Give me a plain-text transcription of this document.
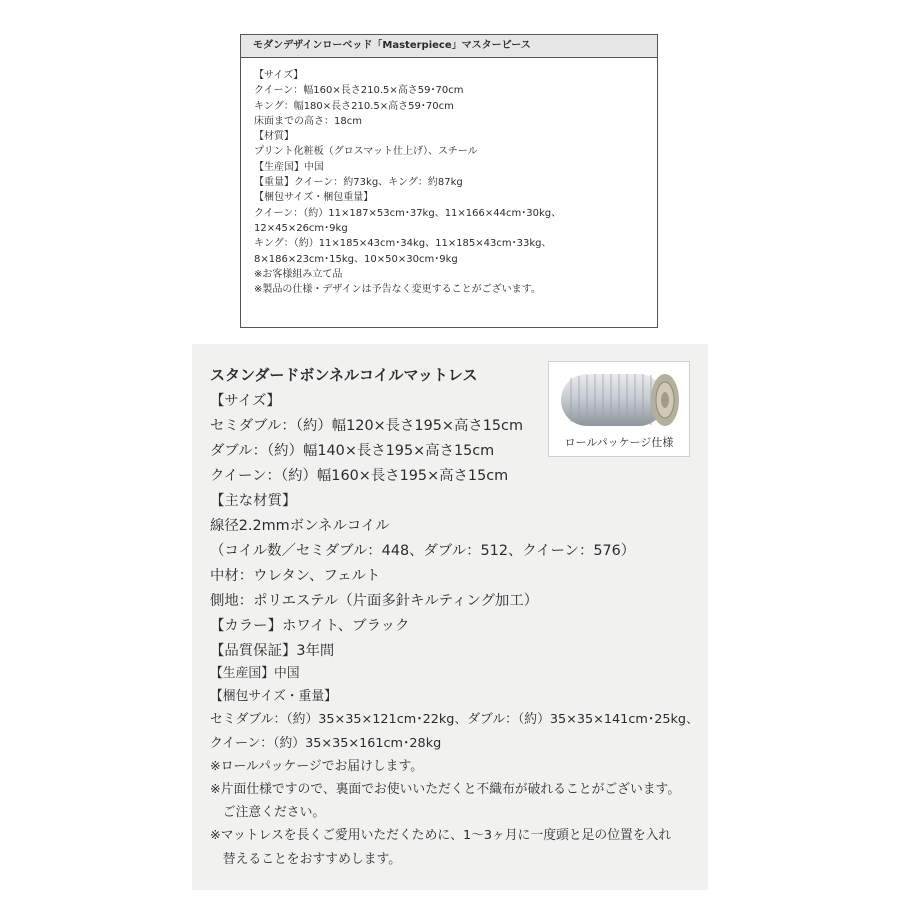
モダンデザインローベッド「Masterpiece」マスターピース
【サイズ】
クイーン：幅160×長さ210.5×高さ59･70cm
キング：幅180×長さ210.5×高さ59･70cm
床面までの高さ：18cm
【材質】
プリント化粧板（グロスマット仕上げ）、スチール
【生産国】中国
【重量】クイーン：約73kg、キング：約87kg
【梱包サイズ・梱包重量】
クイーン：（約）11×187×53cm･37kg、11×166×44cm･30kg、
12×45×26cm･9kg
キング：（約）11×185×43cm･34kg、11×185×43cm･33kg、
8×186×23cm･15kg、10×50×30cm･9kg
※お客様組み立て品
※製品の仕様・デザインは予告なく変更することがございます。
スタンダードボンネルコイルマットレス
ロールパッケージ仕様
【サイズ】
セミダブル：（約）幅120×長さ195×高さ15cm
ダブル：（約）幅140×長さ195×高さ15cm
クイーン：（約）幅160×長さ195×高さ15cm
【主な材質】
線径2.2mmボンネルコイル
（コイル数／セミダブル：448、ダブル：512、クイーン：576）
中材：ウレタン、フェルト
側地：ポリエステル（片面多針キルティング加工）
【カラー】ホワイト、ブラック
【品質保証】3年間
【生産国】中国
【梱包サイズ・重量】
セミダブル：（約）35×35×121cm･22kg、ダブル：（約）35×35×141cm･25kg、
クイーン：（約）35×35×161cm･28kg
※ロールパッケージでお届けします。
※片面仕様ですので、裏面でお使いいただくと不織布が破れることがございます。
　ご注意ください。
※マットレスを長くご愛用いただくために、1〜3ヶ月に一度頭と足の位置を入れ
　替えることをおすすめします。
